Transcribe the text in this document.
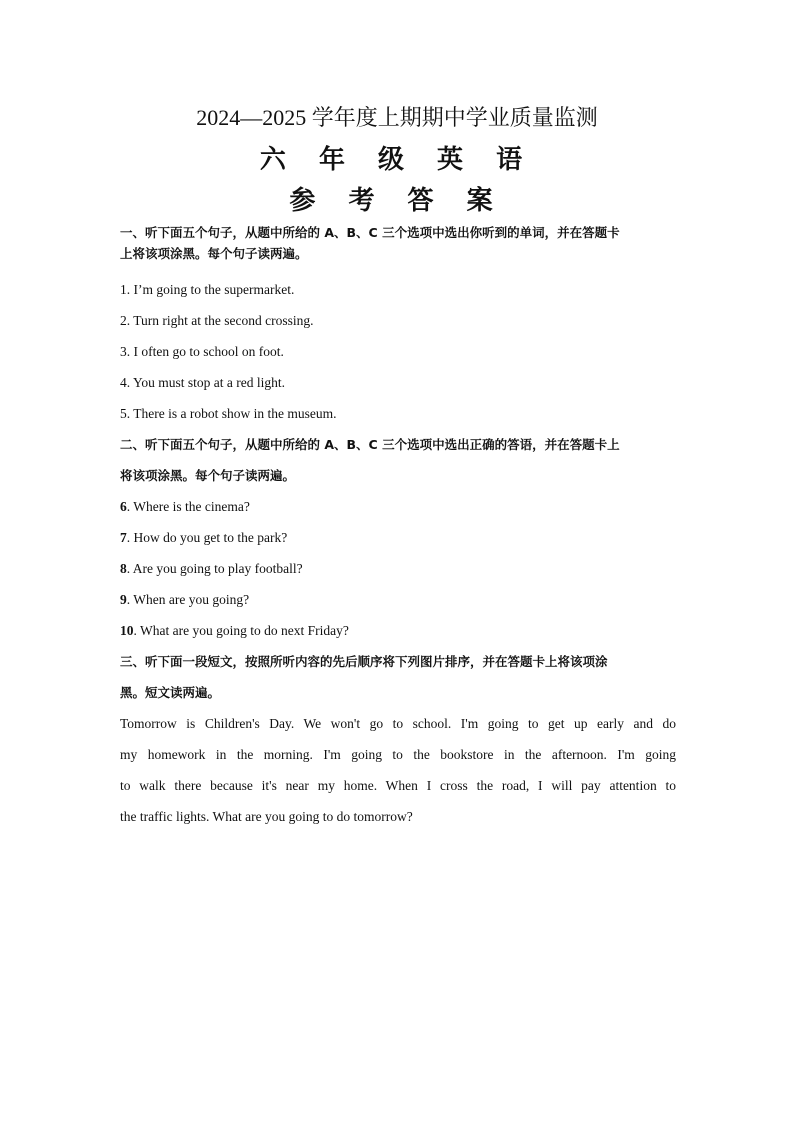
2024—2025 学年度上期期中学业质量监测
六 年 级 英 语
参 考 答 案
一、听下面五个句子，从题中所给的 A、B、C 三个选项中选出你听到的单词，并在答题卡
上将该项涂黑。每个句子读两遍。

1. I’m going to the supermarket.

2. Turn right at the second crossing.

3. I often go to school on foot.

4. You must stop at a red light.

5. There is a robot show in the museum.

二、听下面五个句子，从题中所给的 A、B、C 三个选项中选出正确的答语，并在答题卡上
将该项涂黑。每个句子读两遍。

6. Where is the cinema?

7. How do you get to the park?

8. Are you going to play football?

9. When are you going?

10. What are you going to do next Friday?

三、听下面一段短文，按照所听内容的先后顺序将下列图片排序，并在答题卡上将该项涂
黑。短文读两遍。
Tomorrow is Children's Day. We won't go to school. I'm going to get up early and do
my homework in the morning. I'm going to the bookstore in the afternoon. I'm going
to walk there because it's near my home. When I cross the road, I will pay attention to
the traffic lights. What are you going to do tomorrow?
